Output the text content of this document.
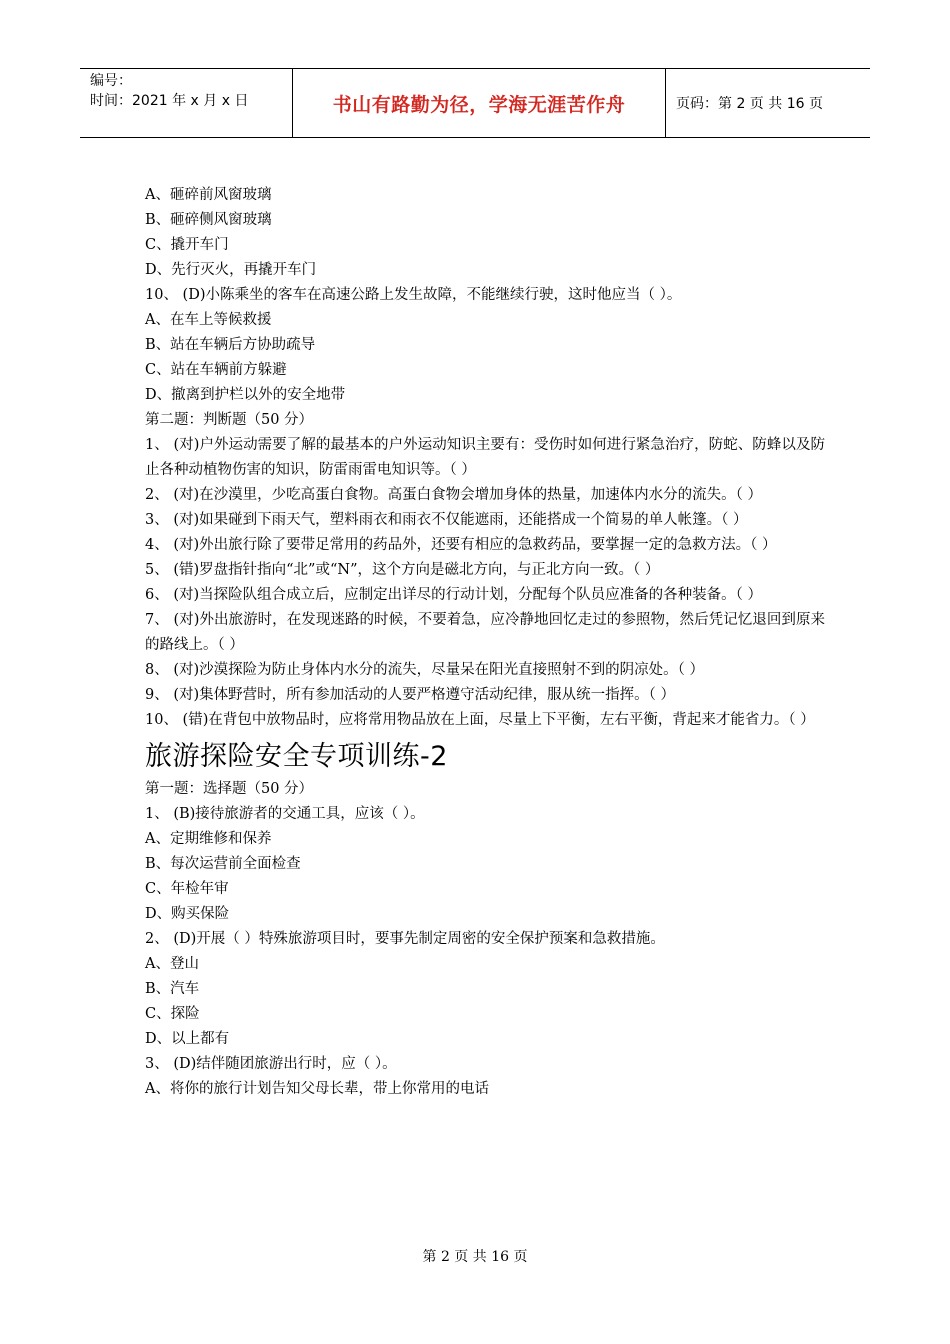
编号：
时间：2021 年 x 月 x 日	书山有路勤为径，学海无涯苦作舟	页码：第 2 页 共 16 页
A、砸碎前风窗玻璃
B、砸碎侧风窗玻璃
C、撬开车门
D、先行灭火，再撬开车门
10、 (D)小陈乘坐的客车在高速公路上发生故障，不能继续行驶，这时他应当（ ）。
A、在车上等候救援
B、站在车辆后方协助疏导
C、站在车辆前方躲避
D、撤离到护栏以外的安全地带
第二题：判断题（50 分）
1、 (对)户外运动需要了解的最基本的户外运动知识主要有：受伤时如何进行紧急治疗，防蛇、防蜂以及防止各种动植物伤害的知识，防雷雨雷电知识等。（ ）
2、 (对)在沙漠里，少吃高蛋白食物。高蛋白食物会增加身体的热量，加速体内水分的流失。（ ）
3、 (对)如果碰到下雨天气，塑料雨衣和雨衣不仅能遮雨，还能搭成一个简易的单人帐篷。（ ）
4、 (对)外出旅行除了要带足常用的药品外，还要有相应的急救药品，要掌握一定的急救方法。（ ）
5、 (错)罗盘指针指向“北”或“N”，这个方向是磁北方向，与正北方向一致。（ ）
6、 (对)当探险队组合成立后，应制定出详尽的行动计划，分配每个队员应准备的各种装备。（ ）
7、 (对)外出旅游时，在发现迷路的时候，不要着急，应冷静地回忆走过的参照物，然后凭记忆退回到原来的路线上。（ ）
8、 (对)沙漠探险为防止身体内水分的流失，尽量呆在阳光直接照射不到的阴凉处。（ ）
9、 (对)集体野营时，所有参加活动的人要严格遵守活动纪律，服从统一指挥。（ ）
10、 (错)在背包中放物品时，应将常用物品放在上面，尽量上下平衡，左右平衡，背起来才能省力。（ ）
旅游探险安全专项训练-2
第一题：选择题（50 分）
1、 (B)接待旅游者的交通工具，应该（ ）。
A、定期维修和保养
B、每次运营前全面检查
C、年检年审
D、购买保险
2、 (D)开展（ ）特殊旅游项目时，要事先制定周密的安全保护预案和急救措施。
A、登山
B、汽车
C、探险
D、以上都有
3、 (D)结伴随团旅游出行时，应（ ）。
A、将你的旅行计划告知父母长辈，带上你常用的电话
第 2 页 共 16 页
